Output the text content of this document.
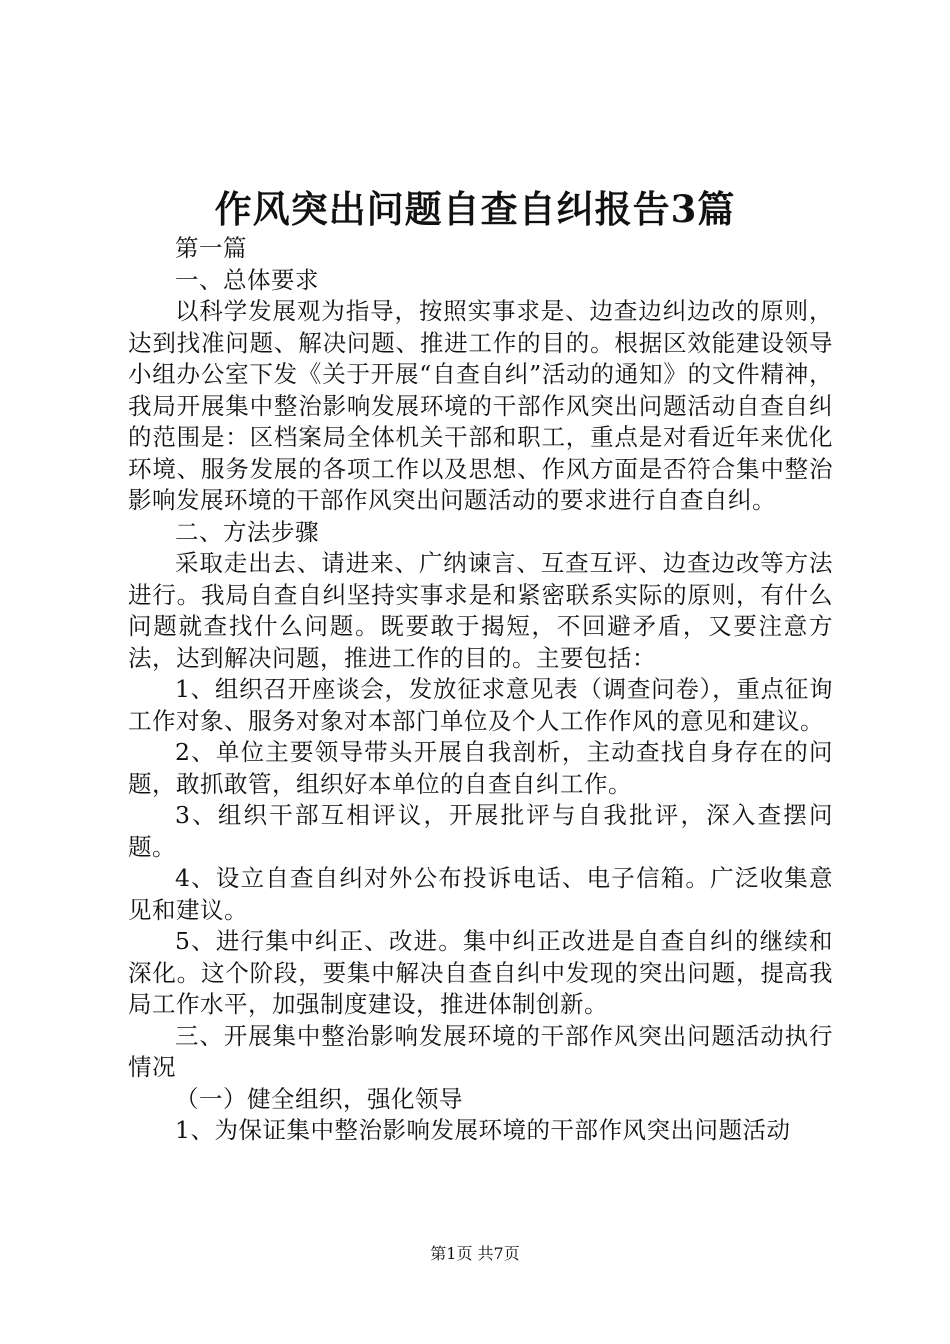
作风突出问题自查自纠报告3篇

第一篇

一、总体要求

以科学发展观为指导，按照实事求是、边查边纠边改的原则，达到找准问题、解决问题、推进工作的目的。根据区效能建设领导小组办公室下发《关于开展“自查自纠”活动的通知》的文件精神，我局开展集中整治影响发展环境的干部作风突出问题活动自查自纠的范围是：区档案局全体机关干部和职工，重点是对看近年来优化环境、服务发展的各项工作以及思想、作风方面是否符合集中整治影响发展环境的干部作风突出问题活动的要求进行自查自纠。

二、方法步骤

采取走出去、请进来、广纳谏言、互查互评、边查边改等方法进行。我局自查自纠坚持实事求是和紧密联系实际的原则，有什么问题就查找什么问题。既要敢于揭短，不回避矛盾，又要注意方法，达到解决问题，推进工作的目的。主要包括：

1、组织召开座谈会，发放征求意见表（调查问卷），重点征询工作对象、服务对象对本部门单位及个人工作作风的意见和建议。

2、单位主要领导带头开展自我剖析，主动查找自身存在的问题，敢抓敢管，组织好本单位的自查自纠工作。

3、组织干部互相评议，开展批评与自我批评，深入查摆问题。

4、设立自查自纠对外公布投诉电话、电子信箱。广泛收集意见和建议。

5、进行集中纠正、改进。集中纠正改进是自查自纠的继续和深化。这个阶段，要集中解决自查自纠中发现的突出问题，提高我局工作水平，加强制度建设，推进体制创新。

三、开展集中整治影响发展环境的干部作风突出问题活动执行情况

（一）健全组织，强化领导

1、为保证集中整治影响发展环境的干部作风突出问题活动

第1页 共7页
